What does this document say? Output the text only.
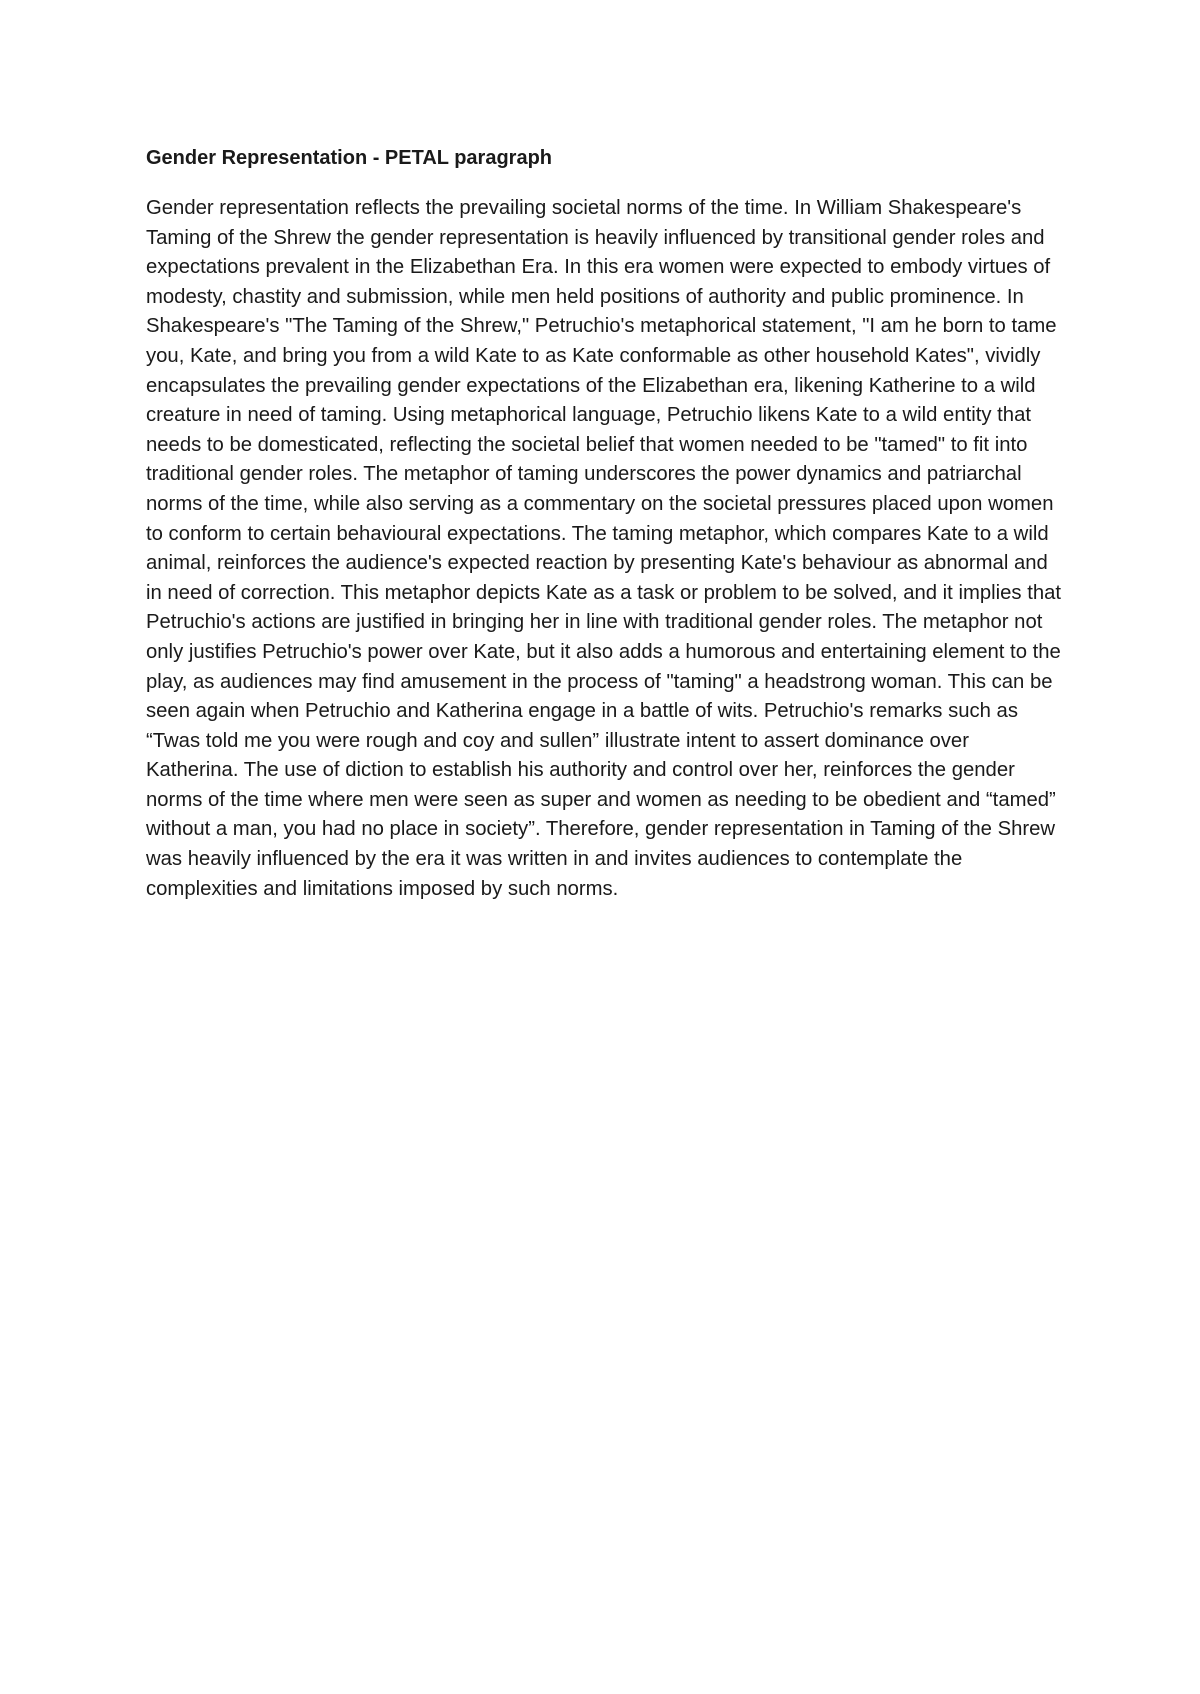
Gender Representation - PETAL paragraph

Gender representation reflects the prevailing societal norms of the time. In William Shakespeare's Taming of the Shrew the gender representation is heavily influenced by transitional gender roles and expectations prevalent in the Elizabethan Era. In this era women were expected to embody virtues of modesty, chastity and submission, while men held positions of authority and public prominence. In Shakespeare's "The Taming of the Shrew," Petruchio's metaphorical statement, "I am he born to tame you, Kate, and bring you from a wild Kate to as Kate conformable as other household Kates", vividly encapsulates the prevailing gender expectations of the Elizabethan era, likening Katherine to a wild creature in need of taming. Using metaphorical language, Petruchio likens Kate to a wild entity that needs to be domesticated, reflecting the societal belief that women needed to be "tamed" to fit into traditional gender roles. The metaphor of taming underscores the power dynamics and patriarchal norms of the time, while also serving as a commentary on the societal pressures placed upon women to conform to certain behavioural expectations. The taming metaphor, which compares Kate to a wild animal, reinforces the audience's expected reaction by presenting Kate's behaviour as abnormal and in need of correction. This metaphor depicts Kate as a task or problem to be solved, and it implies that Petruchio's actions are justified in bringing her in line with traditional gender roles. The metaphor not only justifies Petruchio's power over Kate, but it also adds a humorous and entertaining element to the play, as audiences may find amusement in the process of "taming" a headstrong woman. This can be seen again when Petruchio and Katherina engage in a battle of wits. Petruchio's remarks such as “Twas told me you were rough and coy and sullen” illustrate intent to assert dominance over Katherina. The use of diction to establish his authority and control over her, reinforces the gender norms of the time where men were seen as super and women as needing to be obedient and “tamed” without a man, you had no place in society”. Therefore, gender representation in Taming of the Shrew was heavily influenced by the era it was written in and invites audiences to contemplate the complexities and limitations imposed by such norms.
